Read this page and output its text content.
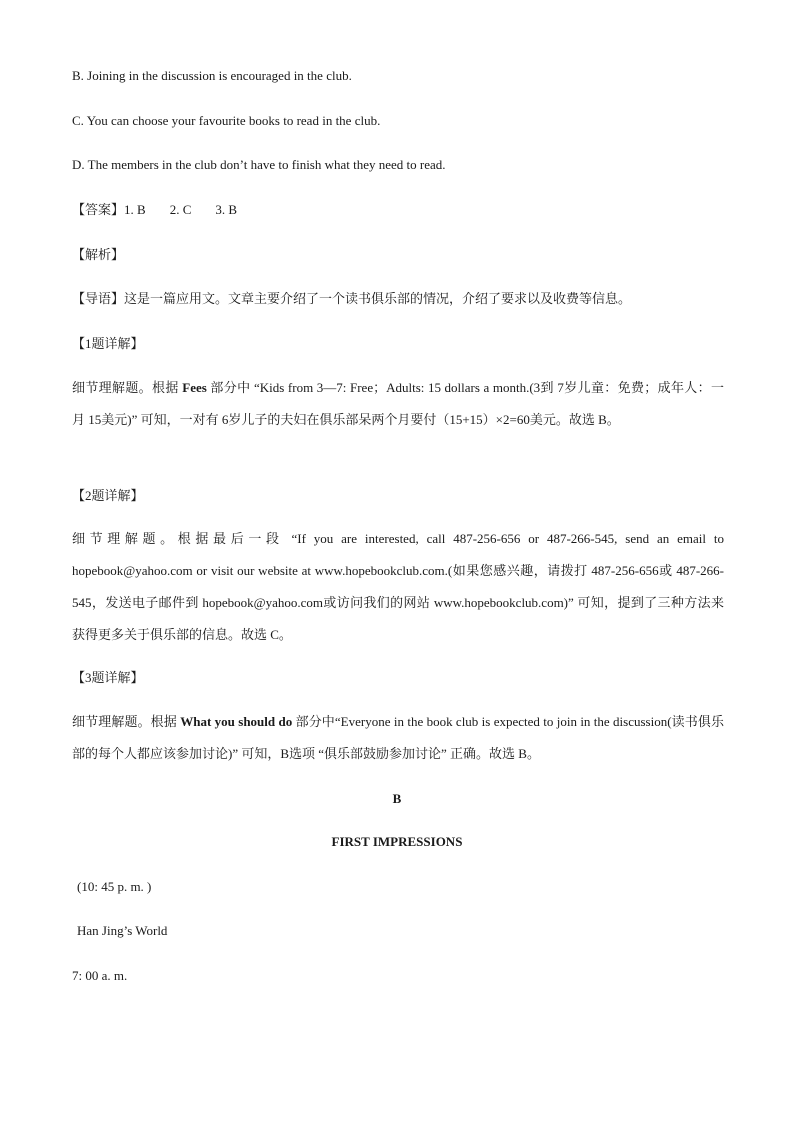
B. Joining in the discussion is encouraged in the club.
C. You can choose your favourite books to read in the club.
D. The members in the club don’t have to finish what they need to read.
【答案】1. B 2. C 3. B
【解析】
【导语】这是一篇应用文。文章主要介绍了一个读书俱乐部的情况，介绍了要求以及收费等信息。
【1题详解】
细节理解题。根据 Fees 部分中 “Kids from 3—7: Free；Adults: 15 dollars a month.(3到 7岁儿童：免费；成年人：一月 15美元)” 可知，一对有 6岁儿子的夫妇在俱乐部呆两个月要付（15+15）×2=60美元。故选 B。
【2题详解】
细节理解题。根据最后一段 “If you are interested, call 487-256-656 or 487-266-545, send an email to hopebook@yahoo.com or visit our website at www.hopebookclub.com.(如果您感兴趣，请拨打 487-256-656或 487-266-545，发送电子邮件到 hopebook@yahoo.com或访问我们的网站 www.hopebookclub.com)” 可知，提到了三种方法来获得更多关于俱乐部的信息。故选 C。
【3题详解】
细节理解题。根据 What you should do 部分中“Everyone in the book club is expected to join in the discussion(读书俱乐部的每个人都应该参加讨论)” 可知，B选项 “俱乐部鼓励参加讨论” 正确。故选 B。
B
FIRST IMPRESSIONS
(10: 45 p. m. )
Han Jing’s World
7: 00 a. m.
